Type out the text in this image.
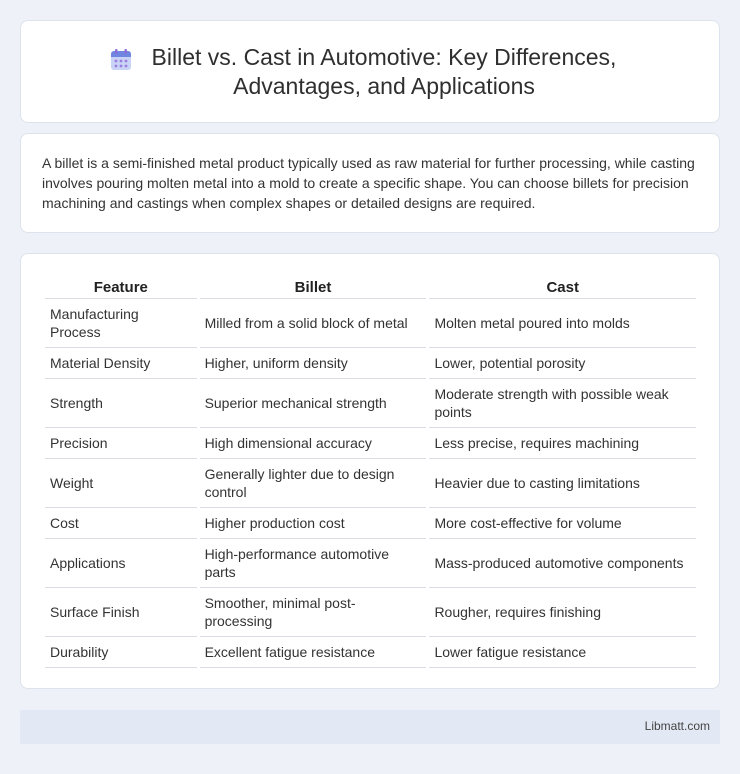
Billet vs. Cast in Automotive: Key Differences, Advantages, and Applications

A billet is a semi-finished metal product typically used as raw material for further processing, while casting involves pouring molten metal into a mold to create a specific shape. You can choose billets for precision machining and castings when complex shapes or detailed designs are required.

Feature	Billet	Cast
Manufacturing Process	Milled from a solid block of metal	Molten metal poured into molds
Material Density	Higher, uniform density	Lower, potential porosity
Strength	Superior mechanical strength	Moderate strength with possible weak points
Precision	High dimensional accuracy	Less precise, requires machining
Weight	Generally lighter due to design control	Heavier due to casting limitations
Cost	Higher production cost	More cost-effective for volume
Applications	High-performance automotive parts	Mass-produced automotive components
Surface Finish	Smoother, minimal post-processing	Rougher, requires finishing
Durability	Excellent fatigue resistance	Lower fatigue resistance
Libmatt.com
